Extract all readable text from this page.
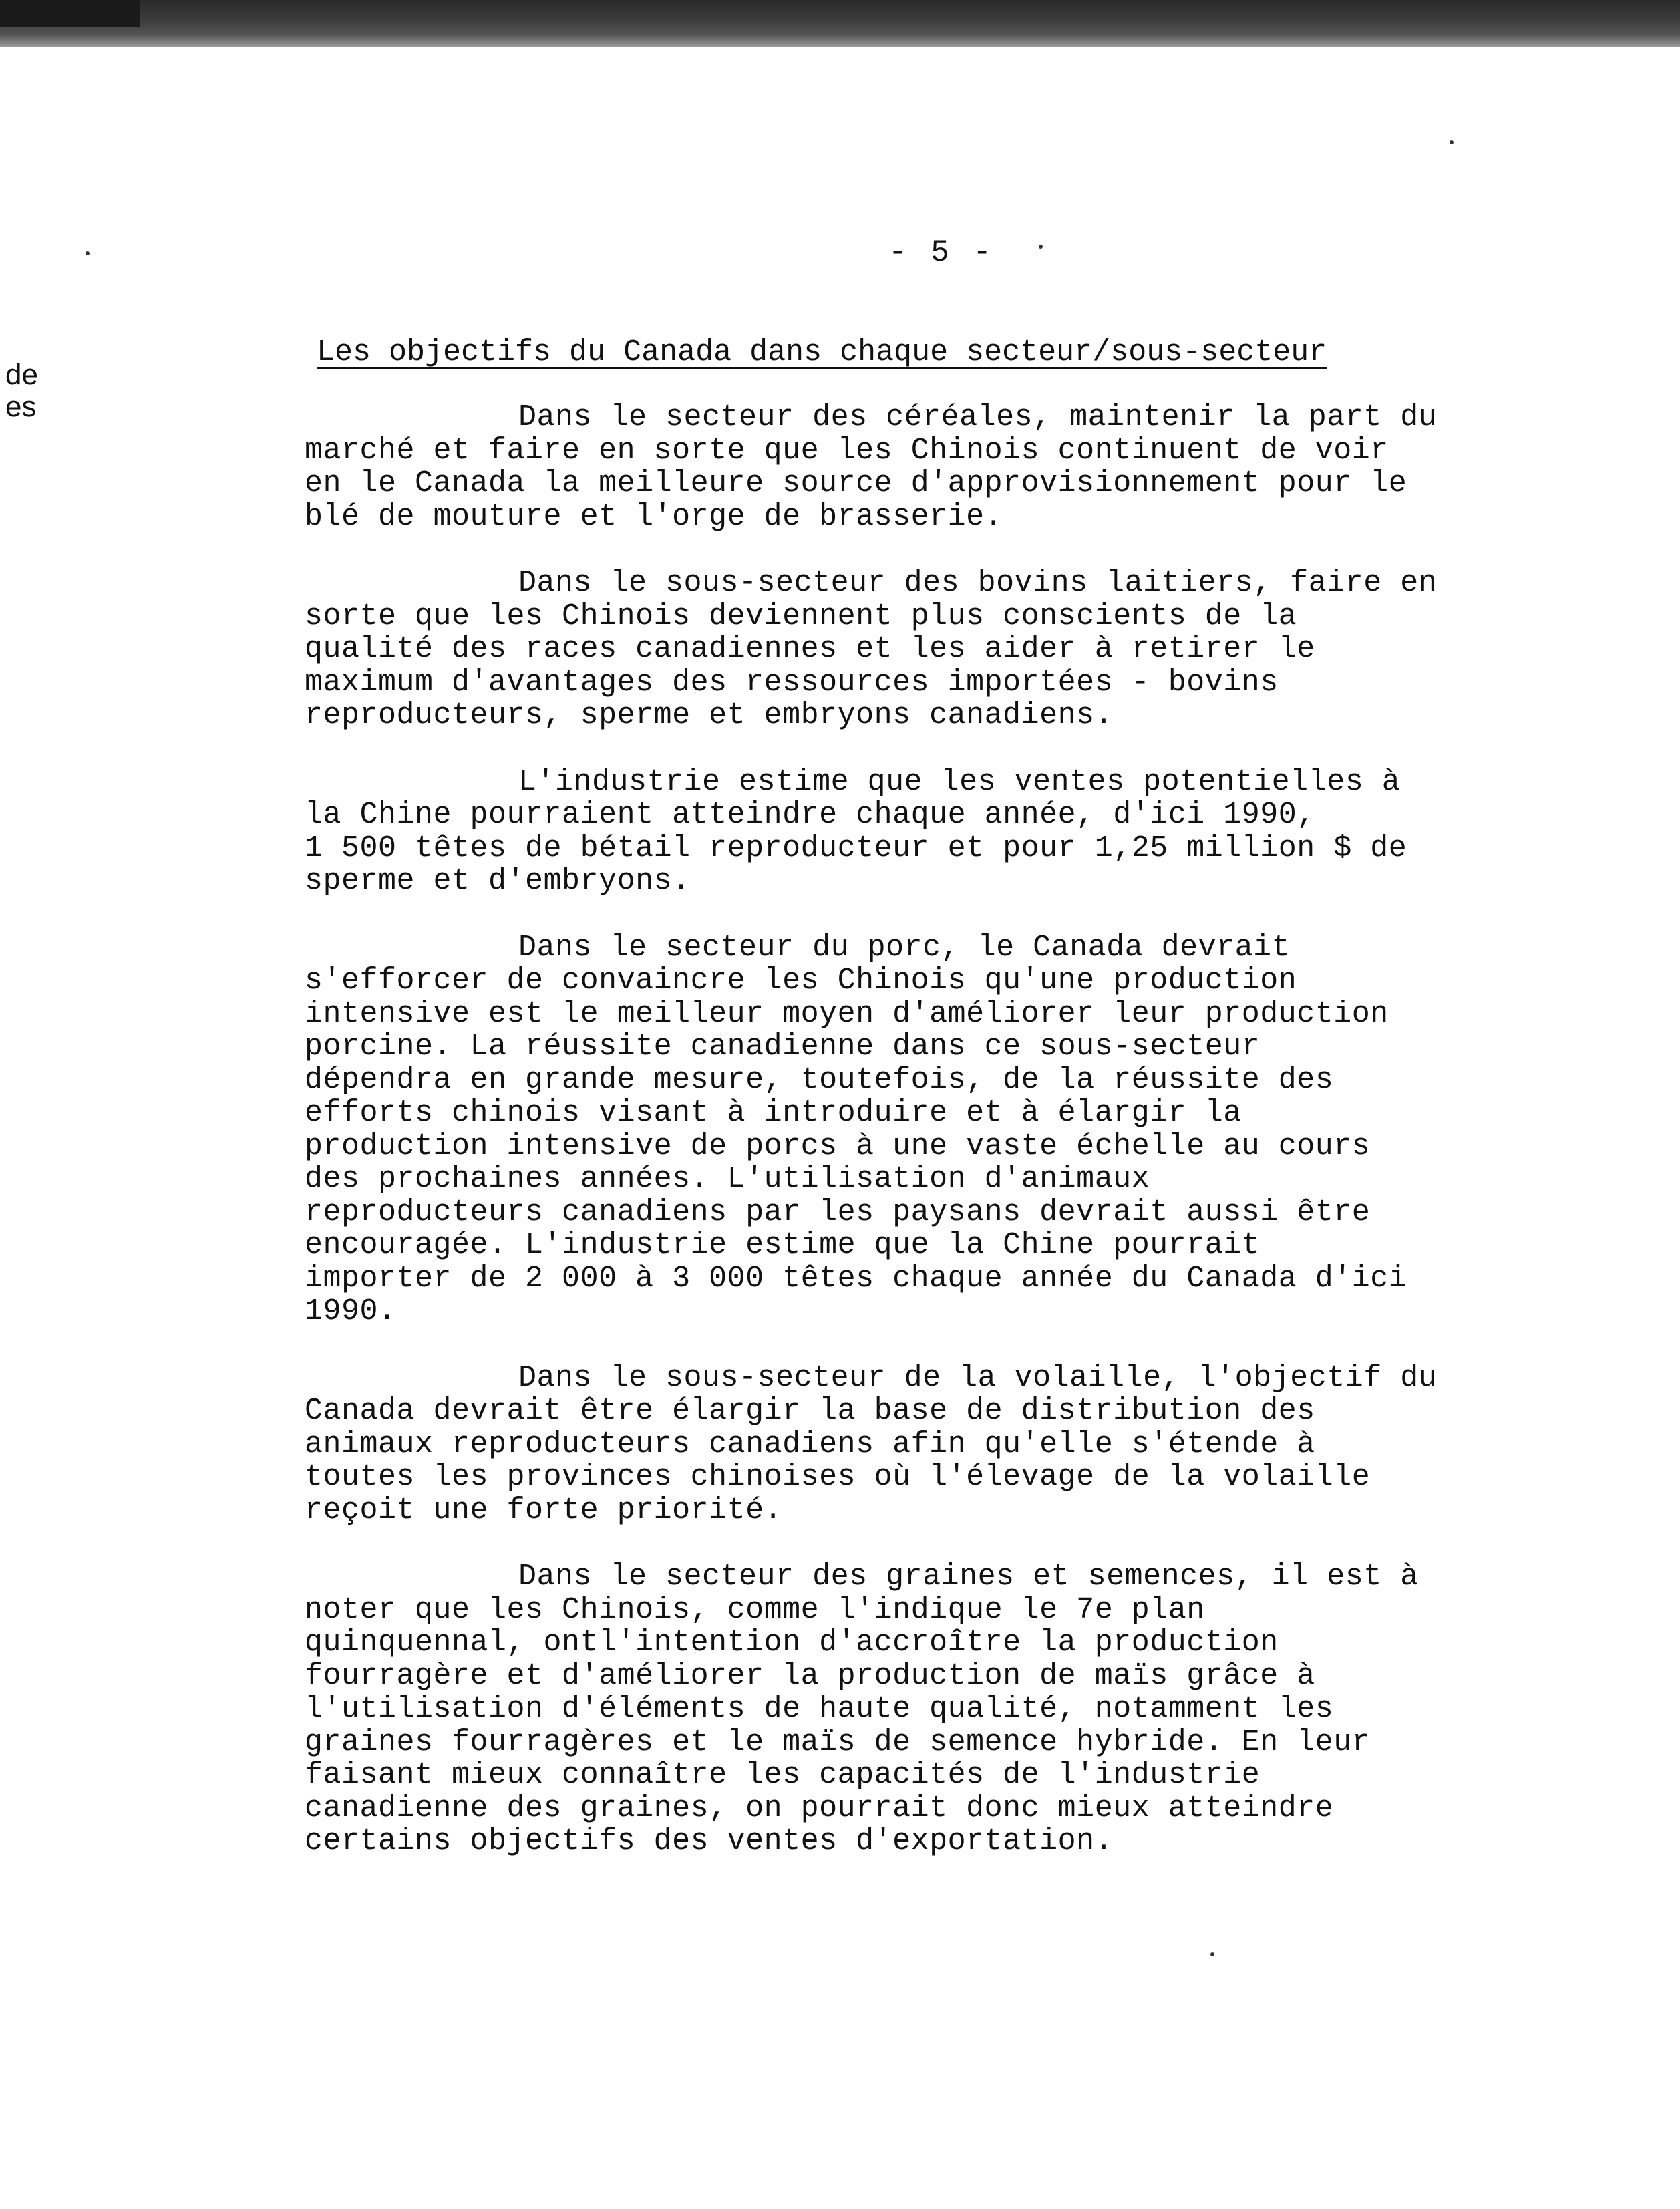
- 5 -
de
es
Les objectifs du Canada dans chaque secteur/sous-secteur

Dans le secteur des céréales, maintenir la part du
marché et faire en sorte que les Chinois continuent de voir
en le Canada la meilleure source d'approvisionnement pour le
blé de mouture et l'orge de brasserie.

Dans le sous-secteur des bovins laitiers, faire en
sorte que les Chinois deviennent plus conscients de la
qualité des races canadiennes et les aider à retirer le
maximum d'avantages des ressources importées - bovins
reproducteurs, sperme et embryons canadiens.

L'industrie estime que les ventes potentielles à
la Chine pourraient atteindre chaque année, d'ici 1990,
1 500 têtes de bétail reproducteur et pour 1,25 million $ de
sperme et d'embryons.

Dans le secteur du porc, le Canada devrait
s'efforcer de convaincre les Chinois qu'une production
intensive est le meilleur moyen d'améliorer leur production
porcine. La réussite canadienne dans ce sous-secteur
dépendra en grande mesure, toutefois, de la réussite des
efforts chinois visant à introduire et à élargir la
production intensive de porcs à une vaste échelle au cours
des prochaines années. L'utilisation d'animaux
reproducteurs canadiens par les paysans devrait aussi être
encouragée. L'industrie estime que la Chine pourrait
importer de 2 000 à 3 000 têtes chaque année du Canada d'ici
1990.

Dans le sous-secteur de la volaille, l'objectif du
Canada devrait être élargir la base de distribution des
animaux reproducteurs canadiens afin qu'elle s'étende à
toutes les provinces chinoises où l'élevage de la volaille
reçoit une forte priorité.

Dans le secteur des graines et semences, il est à
noter que les Chinois, comme l'indique le 7e plan
quinquennal, ontl'intention d'accroître la production
fourragère et d'améliorer la production de maïs grâce à
l'utilisation d'éléments de haute qualité, notamment les
graines fourragères et le maïs de semence hybride. En leur
faisant mieux connaître les capacités de l'industrie
canadienne des graines, on pourrait donc mieux atteindre
certains objectifs des ventes d'exportation.
